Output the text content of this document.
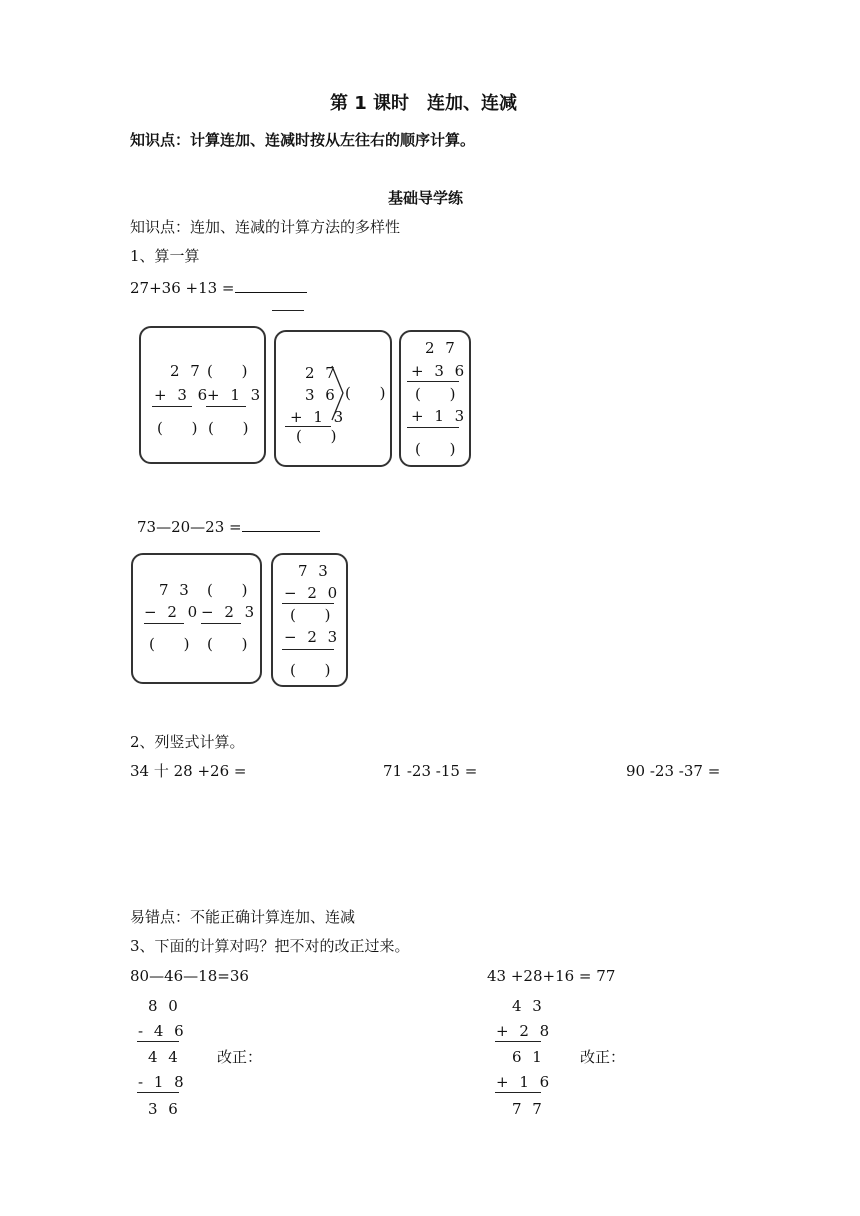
第 1 课时　连加、连减
知识点：计算连加、连减时按从左往右的顺序计算。
基础导学练
知识点：连加、连减的计算方法的多样性
1、算一算
27+36 +13 =
2 7 (　 )
+ 3 6
+ 1 3
(　 ) (　 )
2 7
3 6
+ 1 3
(　 )
(　 )
2 7
+ 3 6
(　 )
+ 1 3
(　 )
73—20—23 =
7 3 (　 )
− 2 0 − 2 3
(　 ) (　 )
7 3
− 2 0
(　 )
− 2 3
(　 )
2、列竖式计算。
34 十 28 +26 =	71 -23 -15 =	90 -23 -37 =
易错点：不能正确计算连加、连减
3、下面的计算对吗？把不对的改正过来。
80—46—18=36
8 0
- 4 6
4 4 改正：
- 1 8
3 6
43 +28+16 = 77
4 3
+ 2 8
6 1 改正：
+ 1 6
7 7
